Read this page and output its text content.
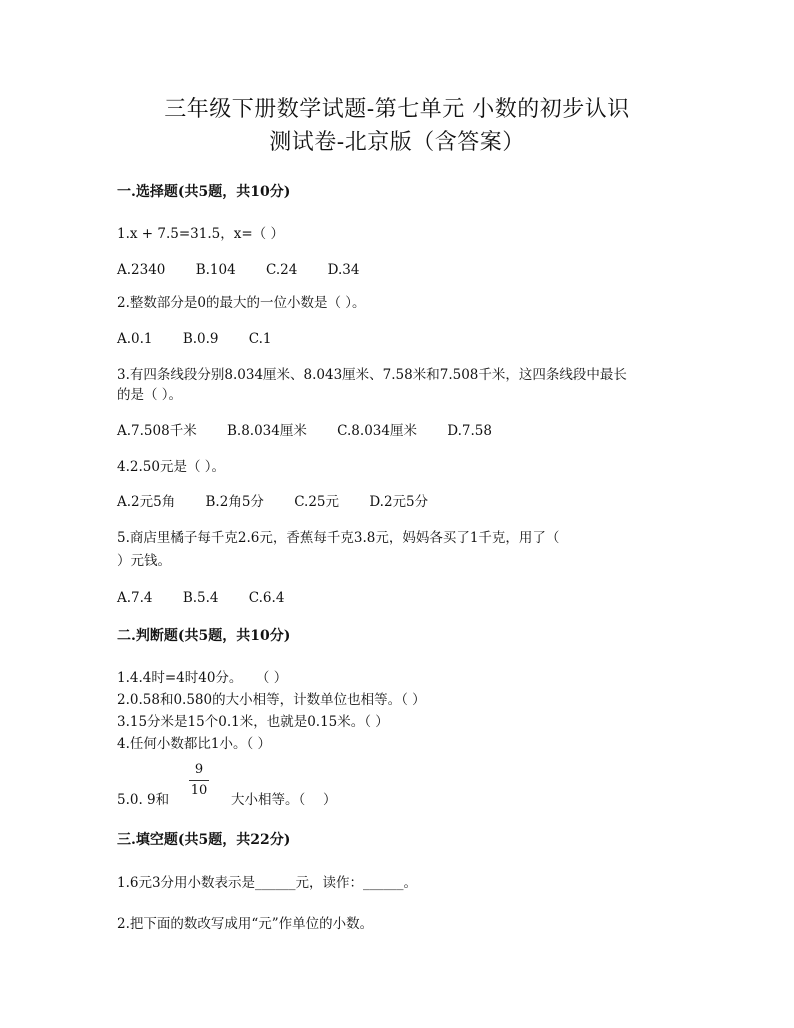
三年级下册数学试题-第七单元 小数的初步认识
测试卷-北京版（含答案）
一.选择题(共5题，共10分)
1.x + 7.5=31.5，x=（ ）
A.2340 B.104 C.24 D.34
2.整数部分是0的最大的一位小数是（ ）。
A.0.1 B.0.9 C.1
3.有四条线段分别8.034厘米、8.043厘米、7.58米和7.508千米，这四条线段中最长
的是（ ）。
A.7.508千米 B.8.034厘米 C.8.034厘米 D.7.58
4.2.50元是（ ）。
A.2元5角 B.2角5分 C.25元 D.2元5分
5.商店里橘子每千克2.6元，香蕉每千克3.8元，妈妈各买了1千克，用了（
）元钱。
A.7.4 B.5.4 C.6.4
二.判断题(共5题，共10分)
1.4.4时=4时40分。　　（ ）
2.0.58和0.580的大小相等，计数单位也相等。（ ）
3.15分米是15个0.1米，也就是0.15米。（ ）
4.任何小数都比1小。（ ）
5.0. 9和
9
10
大小相等。（　 ）
三.填空题(共5题，共22分)
1.6元3分用小数表示是______元，读作：______。
2.把下面的数改写成用“元”作单位的小数。
